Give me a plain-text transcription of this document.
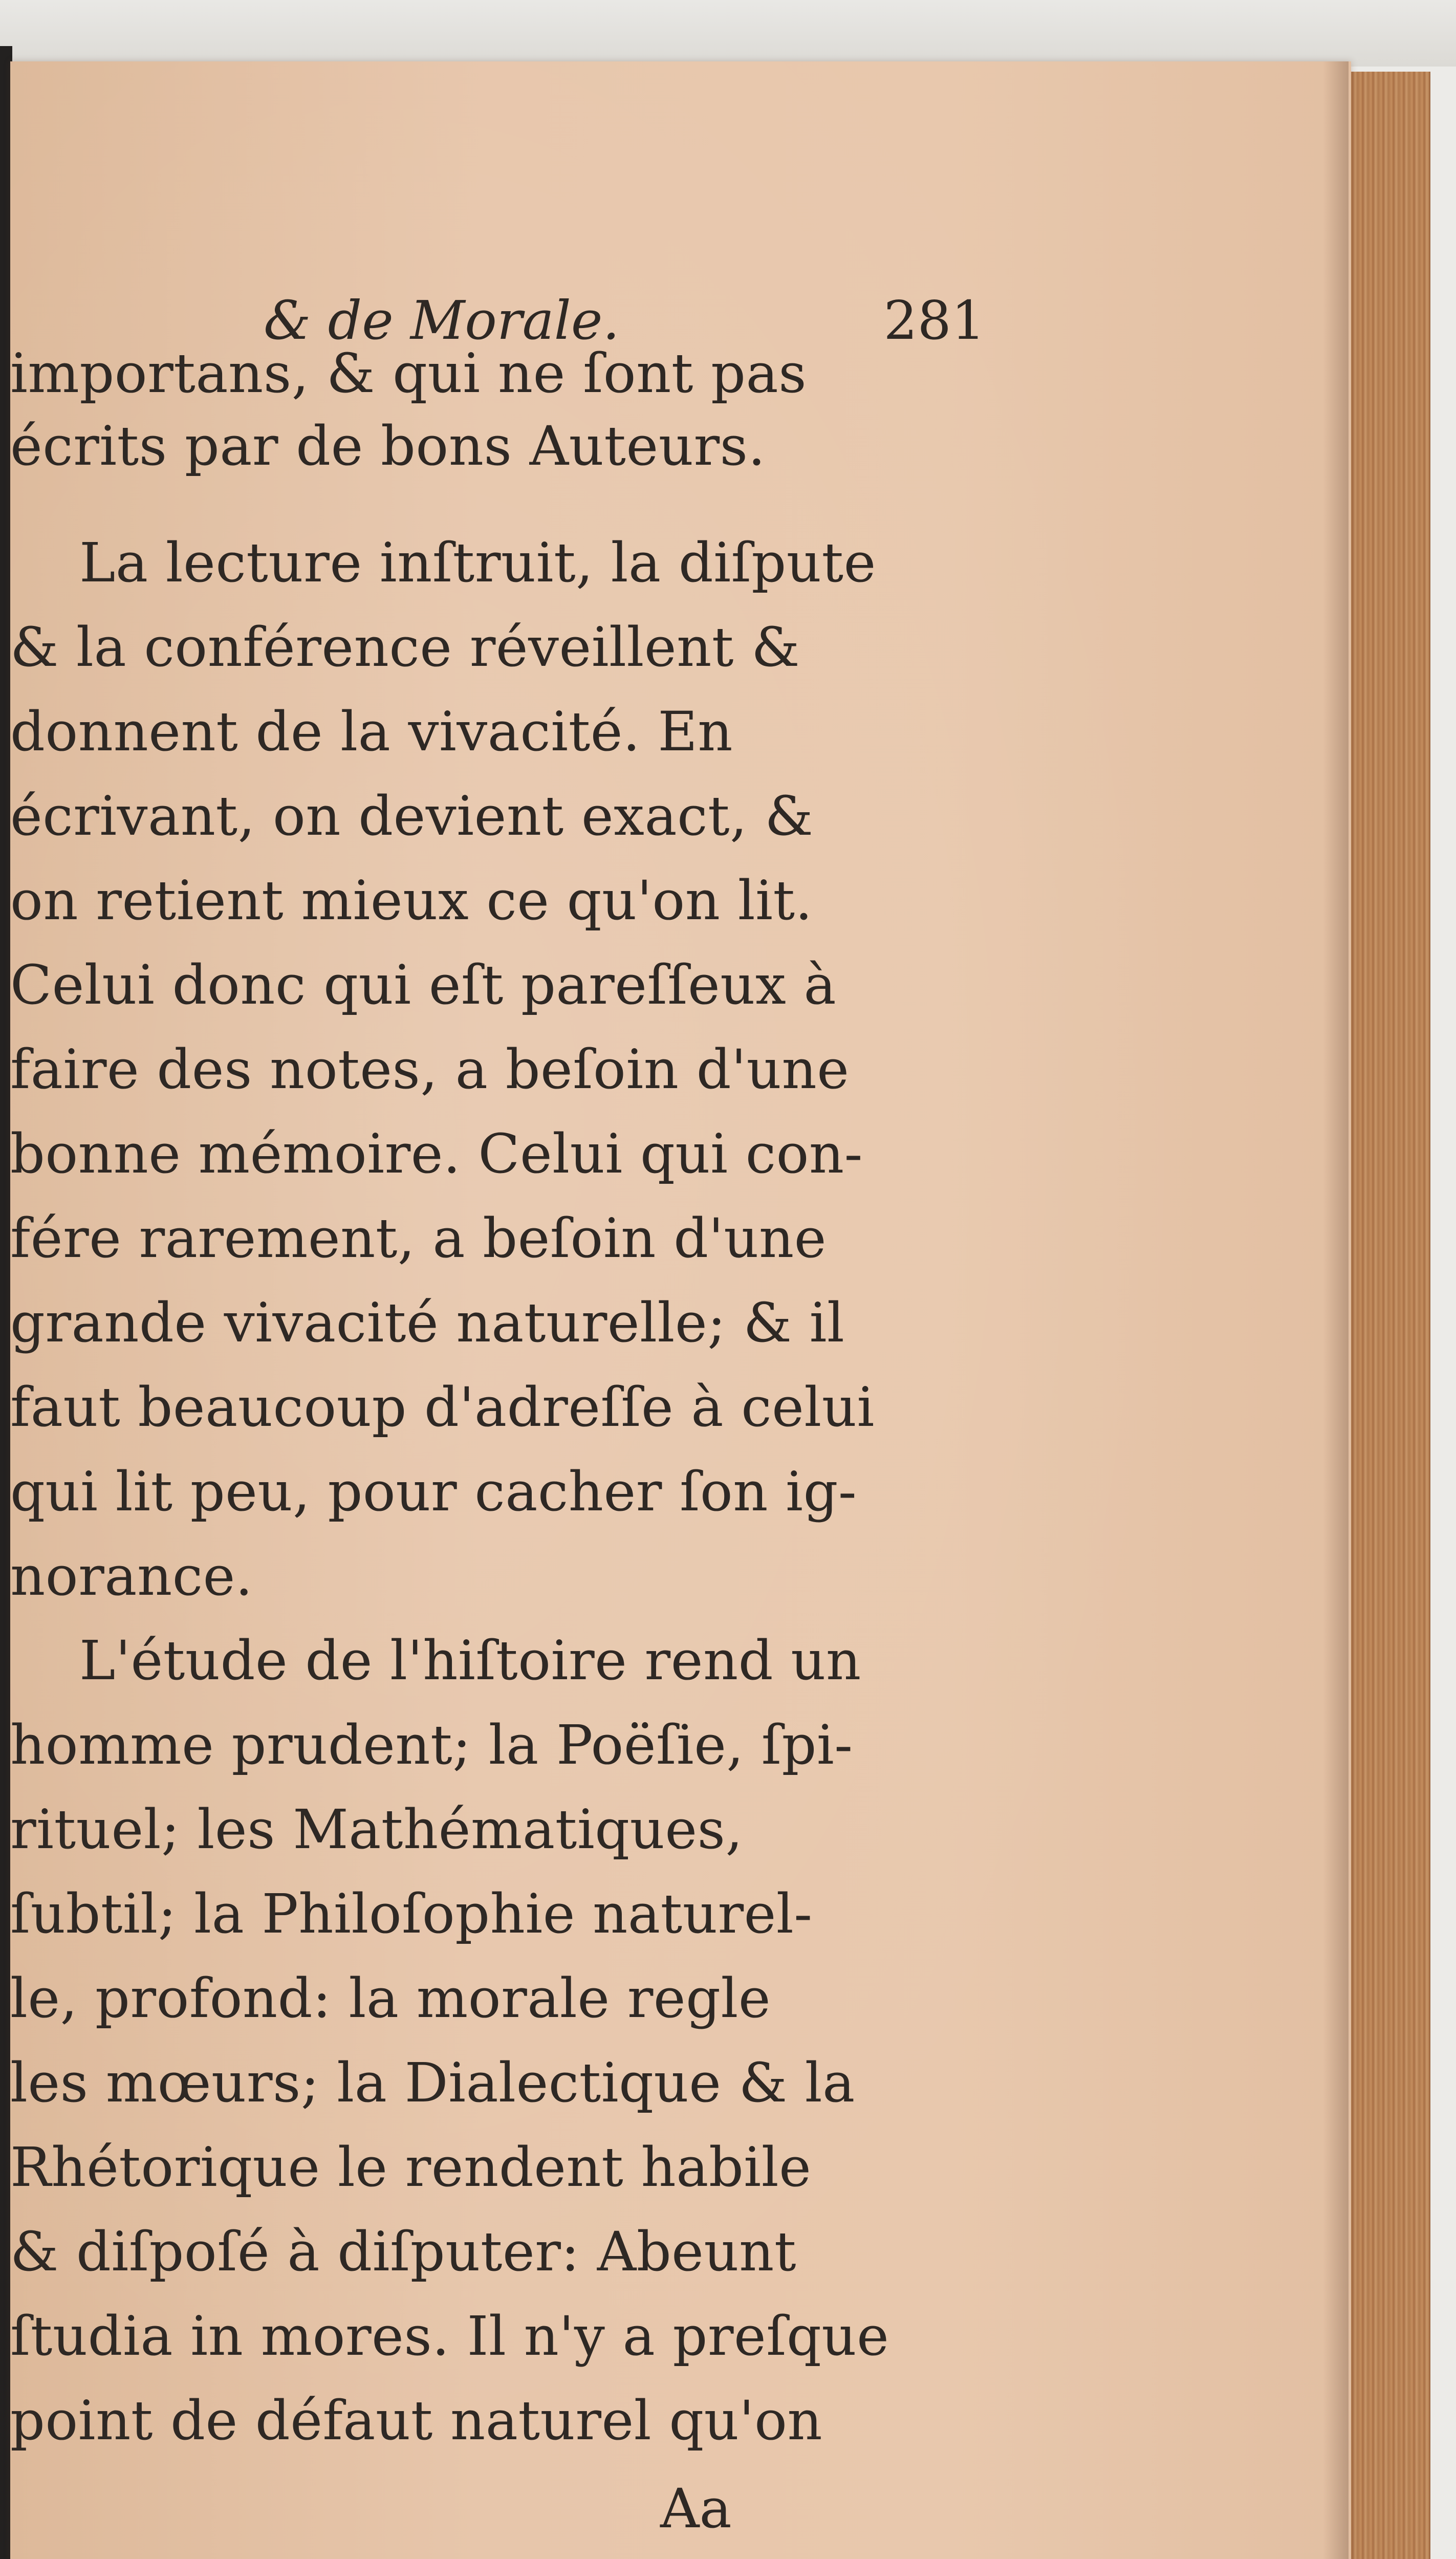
& de Morale.	281
importans, & qui ne ſont pas
écrits par de bons Auteurs.
La lecture inſtruit, la diſpute
& la conférence réveillent &
donnent de la vivacité. En
écrivant, on devient exact, &
on retient mieux ce qu'on lit.
Celui donc qui eſt pareſſeux à
faire des notes, a beſoin d'une
bonne mémoire. Celui qui con-
fére rarement, a beſoin d'une
grande vivacité naturelle; & il
faut beaucoup d'adreſſe à celui
qui lit peu, pour cacher ſon ig-
norance.
L'étude de l'hiſtoire rend un
homme prudent; la Poëſie, ſpi-
rituel; les Mathématiques,
ſubtil; la Philoſophie naturel-
le, profond: la morale regle
les mœurs; la Dialectique & la
Rhétorique le rendent habile
& diſpoſé à diſputer: Abeunt
ſtudia in mores. Il n'y a preſque
point de défaut naturel qu'on
Aa
